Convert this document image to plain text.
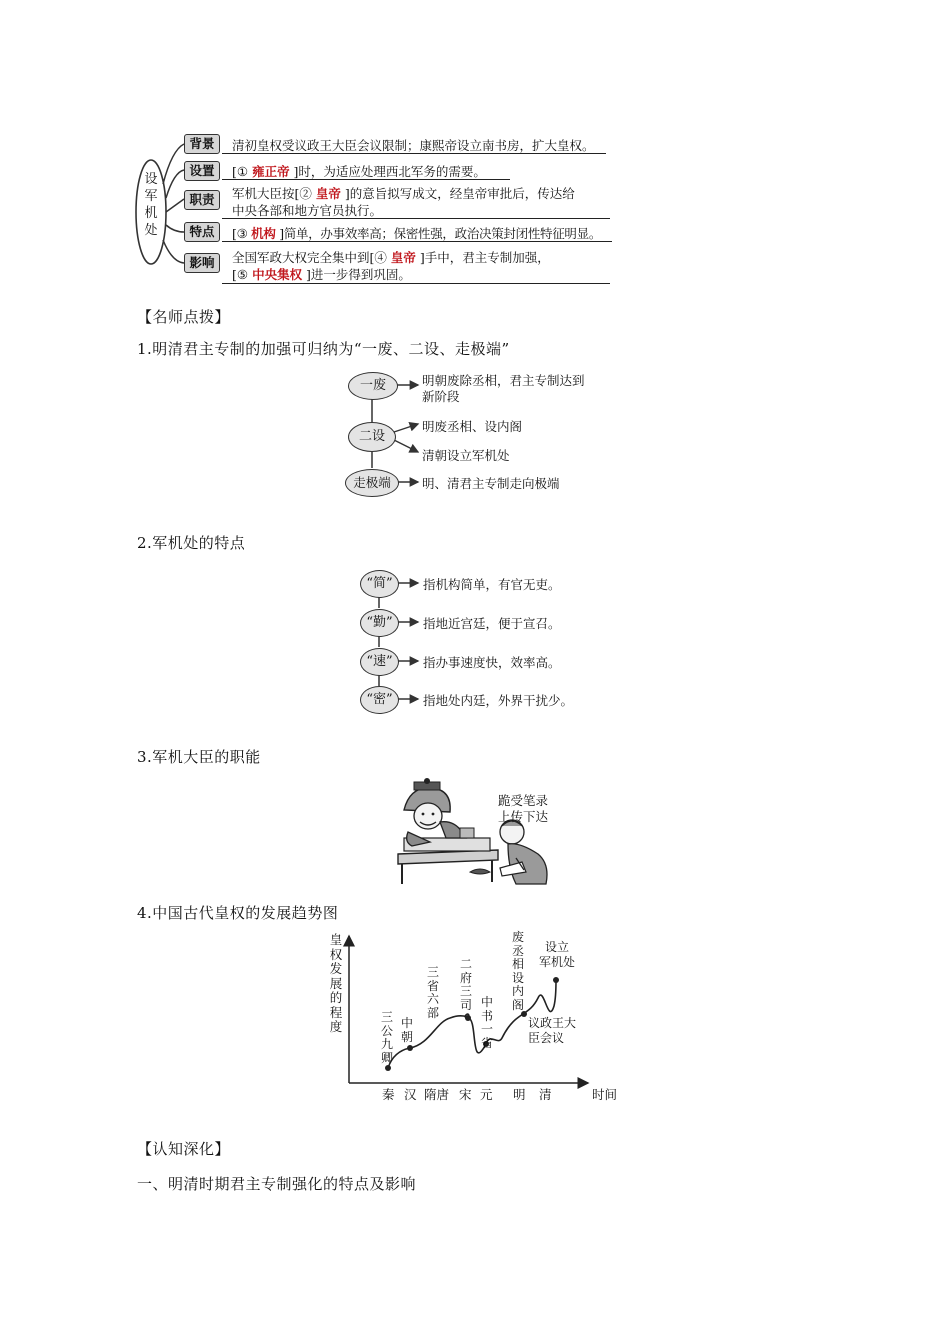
设
军
机
处
背景	清初皇权受议政王大臣会议限制；康熙帝设立南书房，扩大皇权。
设置	[① 雍正帝 ]时，为适应处理西北军务的需要。
职责	军机大臣按[② 皇帝 ]的意旨拟写成文，经皇帝审批后，传达给
中央各部和地方官员执行。
特点	[③ 机构 ]简单，办事效率高；保密性强，政治决策封闭性特征明显。
影响	全国军政大权完全集中到[④ 皇帝 ]手中，君主专制加强，
[⑤ 中央集权 ]进一步得到巩固。
【名师点拨】
1.明清君主专制的加强可归纳为“一废、二设、走极端”
一废
二设
走极端
明朝废除丞相，君主专制达到
新阶段
明废丞相、设内阁
清朝设立军机处
明、清君主专制走向极端
2.军机处的特点
“简”
“勤”
“速”
“密”
指机构简单，有官无吏。
指地近宫廷，便于宣召。
指办事速度快，效率高。
指地处内廷，外界干扰少。
3.军机大臣的职能
跪受笔录
上传下达
4.中国古代皇权的发展趋势图
皇
权
发
展
的
程
度
秦 汉 隋唐 宋 元 明 清	时间
三
公
九
卿
中
朝
三
省
六
部
二
府
三
司 中
书
一
省
废
丞
相
设
内
阁
议政王大
臣会议
设立
军机处
【认知深化】
一、明清时期君主专制强化的特点及影响
